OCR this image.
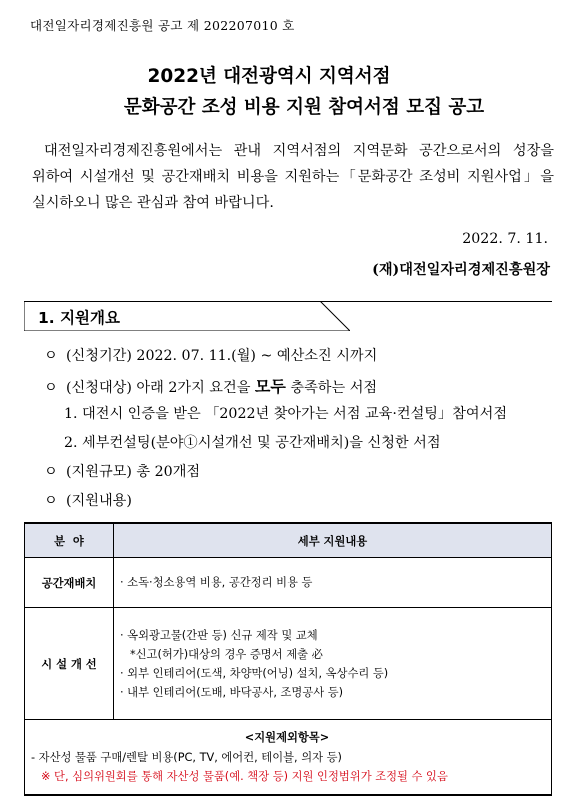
대전일자리경제진흥원 공고 제 202207010 호
2022년 대전광역시 지역서점
문화공간 조성 비용 지원 참여서점 모집 공고
대전일자리경제진흥원에서는 관내 지역서점의 지역문화 공간으로서의 성장을 위하여 시설개선 및 공간재배치 비용을 지원하는「문화공간 조성비 지원사업」을 실시하오니 많은 관심과 참여 바랍니다.
2022. 7. 11.
(재)대전일자리경제진흥원장
1. 지원개요
ㅇ (신청기간) 2022. 07. 11.(월) ~ 예산소진 시까지
ㅇ (신청대상) 아래 2가지 요건을 모두 충족하는 서점
1. 대전시 인증을 받은 「2022년 찾아가는 서점 교육·컨설팅」참여서점
2. 세부컨설팅(분야①시설개선 및 공간재배치)을 신청한 서점
ㅇ (지원규모) 총 20개점
ㅇ (지원내용)
분  야	세부 지원내용
공간재배치	· 소독·청소용역 비용, 공간정리 비용 등

시 설 개 선	· 옥외광고물(간판 등) 신규 제작 및 교체
*신고(허가)대상의 경우 증명서 제출 必
· 외부 인테리어(도색, 차양막(어닝) 설치, 옥상수리 등)
· 내부 인테리어(도배, 바닥공사, 조명공사 등)

<지원제외항목>
- 자산성 물품 구매/렌탈 비용(PC, TV, 에어컨, 테이블, 의자 등)
※ 단, 심의위원회를 통해 자산성 물품(예. 책장 등) 지원 인정범위가 조정될 수 있음	
